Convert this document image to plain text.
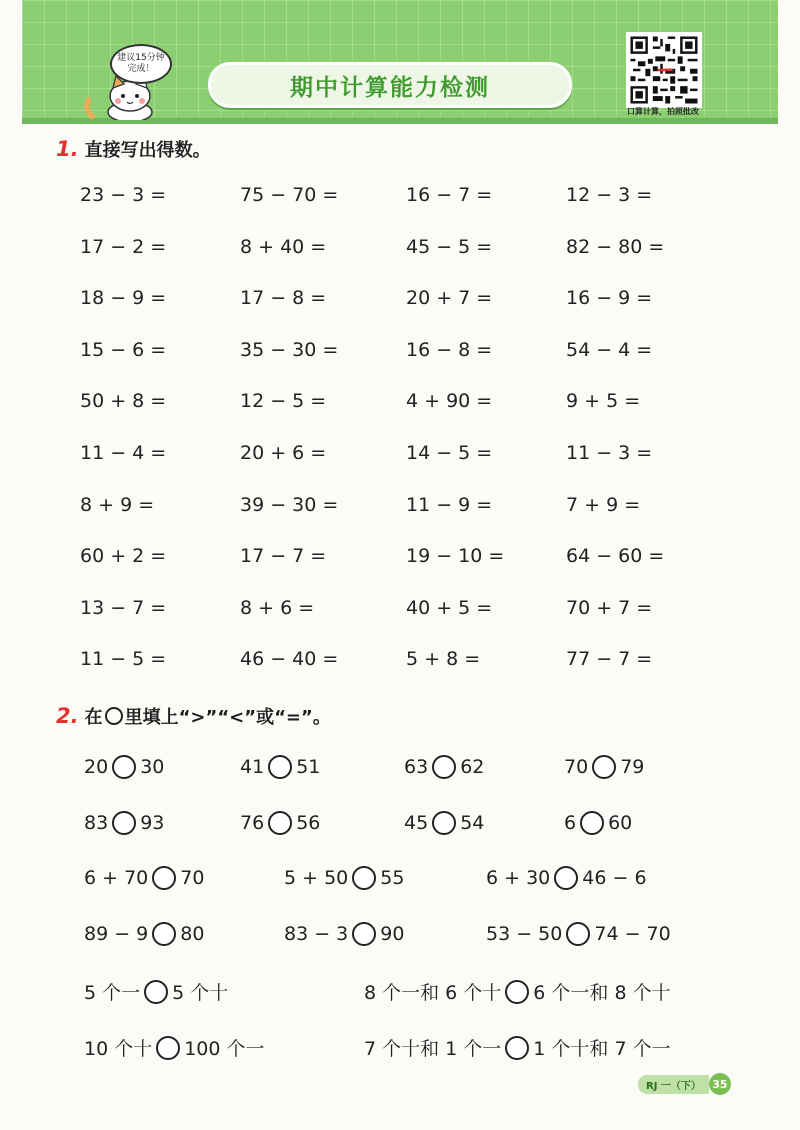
建议15分钟
完成！
期中计算能力检测
口算计算，拍照批改
1. 直接写出得数。
23 − 3 =	75 − 70 =	16 − 7 =	12 − 3 =
17 − 2 =	8 + 40 =	45 − 5 =	82 − 80 =
18 − 9 =	17 − 8 =	20 + 7 =	16 − 9 =
15 − 6 =	35 − 30 =	16 − 8 =	54 − 4 =
50 + 8 =	12 − 5 =	4 + 90 =	9 + 5 =
11 − 4 =	20 + 6 =	14 − 5 =	11 − 3 =
8 + 9 =	39 − 30 =	11 − 9 =	7 + 9 =
60 + 2 =	17 − 7 =	19 − 10 =	64 − 60 =
13 − 7 =	8 + 6 =	40 + 5 =	70 + 7 =
11 − 5 =	46 − 40 =	5 + 8 =	77 − 7 =
2. 在 里填上“>”“<”或“=”。
20 30	41 51	63 62	70 79
83 93	76 56	45 54	6 60
6 + 70 70	5 + 50 55	6 + 30 46 − 6
89 − 9 80	83 − 3 90	53 − 50 74 − 70
5 个一 5 个十	8 个一和 6 个十 6 个一和 8 个十
10 个十 100 个一	7 个十和 1 个一 1 个十和 7 个一
RJ 一（下）	35
